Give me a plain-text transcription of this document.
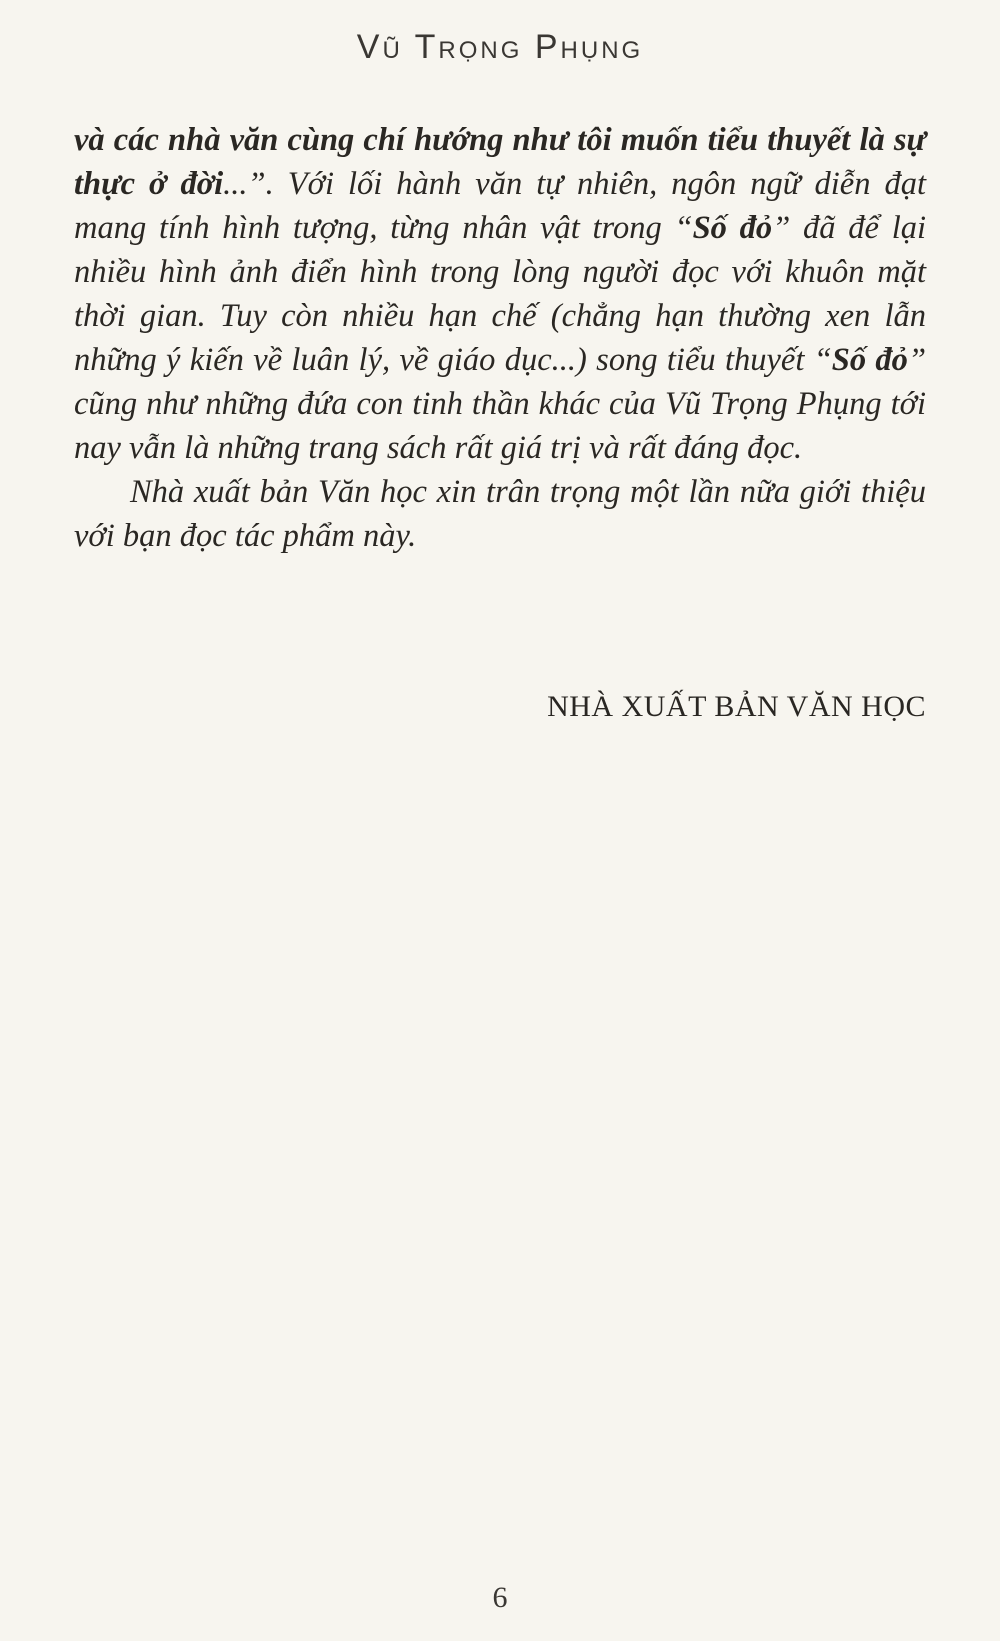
Vũ Trọng Phụng

và các nhà văn cùng chí hướng như tôi muốn tiểu thuyết là sự thực ở đời...”. Với lối hành văn tự nhiên, ngôn ngữ diễn đạt mang tính hình tượng, từng nhân vật trong “Số đỏ” đã để lại nhiều hình ảnh điển hình trong lòng người đọc với khuôn mặt thời gian. Tuy còn nhiều hạn chế (chẳng hạn thường xen lẫn những ý kiến về luân lý, về giáo dục...) song tiểu thuyết “Số đỏ” cũng như những đứa con tinh thần khác của Vũ Trọng Phụng tới nay vẫn là những trang sách rất giá trị và rất đáng đọc.

Nhà xuất bản Văn học xin trân trọng một lần nữa giới thiệu với bạn đọc tác phẩm này.

NHÀ XUẤT BẢN VĂN HỌC
6
